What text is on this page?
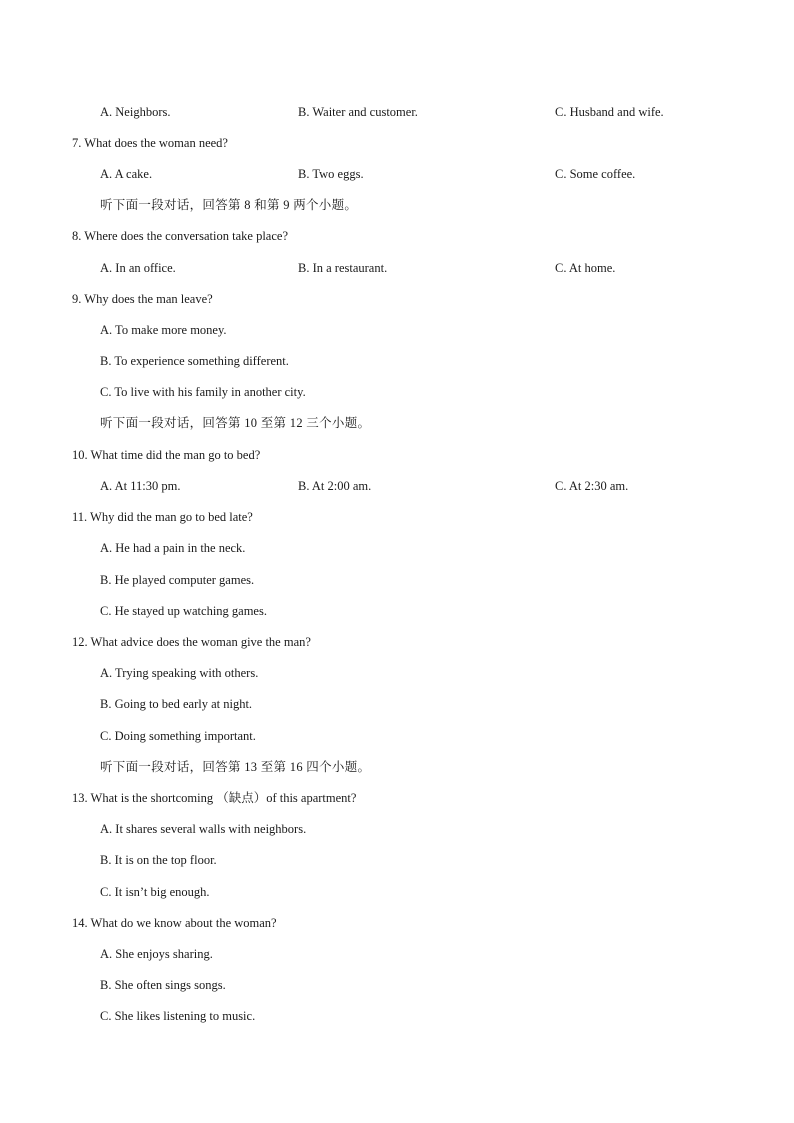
A. Neighbors.	B. Waiter and customer.	C. Husband and wife.
7. What does the woman need?
A. A cake.	B. Two eggs.	C. Some coffee.
听下面一段对话，回答第 8 和第 9 两个小题。
8. Where does the conversation take place?
A. In an office.	B. In a restaurant.	C. At home.
9. Why does the man leave?
A. To make more money.
B. To experience something different.
C. To live with his family in another city.
听下面一段对话，回答第 10 至第 12 三个小题。
10. What time did the man go to bed?
A. At 11:30 pm.	B. At 2:00 am.	C. At 2:30 am.
11. Why did the man go to bed late?
A. He had a pain in the neck.
B. He played computer games.
C. He stayed up watching games.
12. What advice does the woman give the man?
A. Trying speaking with others.
B. Going to bed early at night.
C. Doing something important.
听下面一段对话，回答第 13 至第 16 四个小题。
13. What is the shortcoming （缺点）of this apartment?
A. It shares several walls with neighbors.
B. It is on the top floor.
C. It isn’t big enough.
14. What do we know about the woman?
A. She enjoys sharing.
B. She often sings songs.
C. She likes listening to music.
